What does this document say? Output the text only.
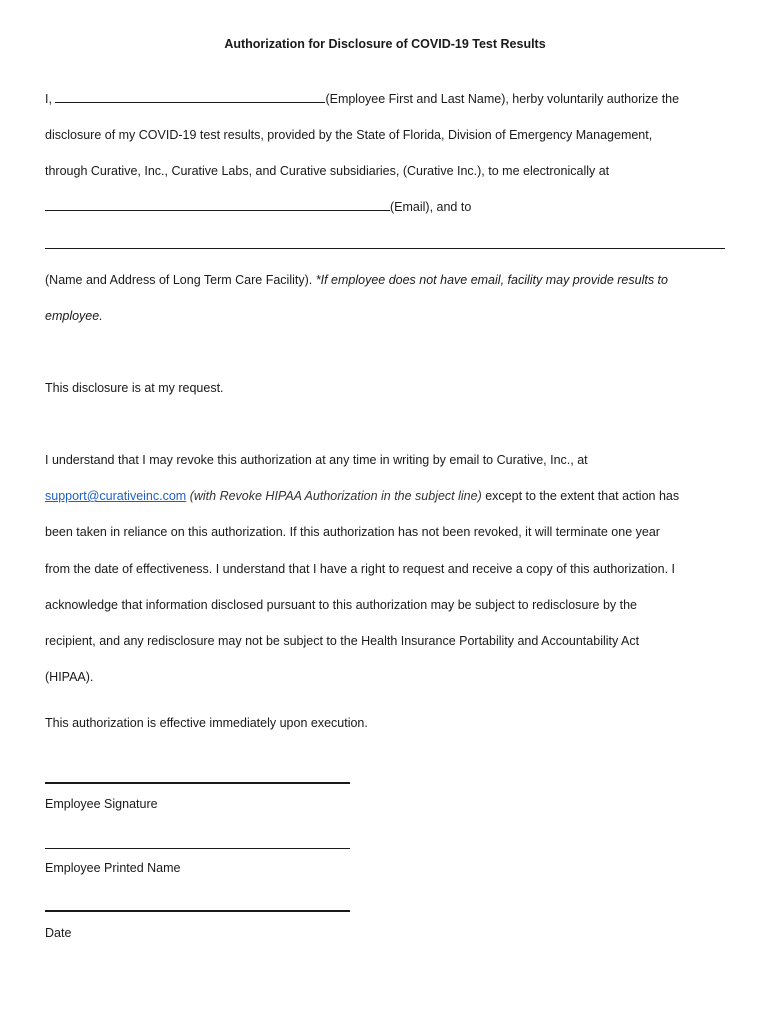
Authorization for Disclosure of COVID-19 Test Results
I,	(Employee First and Last Name), herby voluntarily authorize the
disclosure of my COVID-19 test results, provided by the State of Florida, Division of Emergency Management,
through Curative, Inc., Curative Labs, and Curative subsidiaries, (Curative Inc.), to me electronically at
(Email), and to
(Name and Address of Long Term Care Facility). *If employee does not have email, facility may provide results to
employee.
This disclosure is at my request.
I understand that I may revoke this authorization at any time in writing by email to Curative, Inc., at
support@curativeinc.com (with Revoke HIPAA Authorization in the subject line) except to the extent that action has
been taken in reliance on this authorization. If this authorization has not been revoked, it will terminate one year
from the date of effectiveness. I understand that I have a right to request and receive a copy of this authorization. I
acknowledge that information disclosed pursuant to this authorization may be subject to redisclosure by the
recipient, and any redisclosure may not be subject to the Health Insurance Portability and Accountability Act
(HIPAA).
This authorization is effective immediately upon execution.
Employee Signature
Employee Printed Name
Date
